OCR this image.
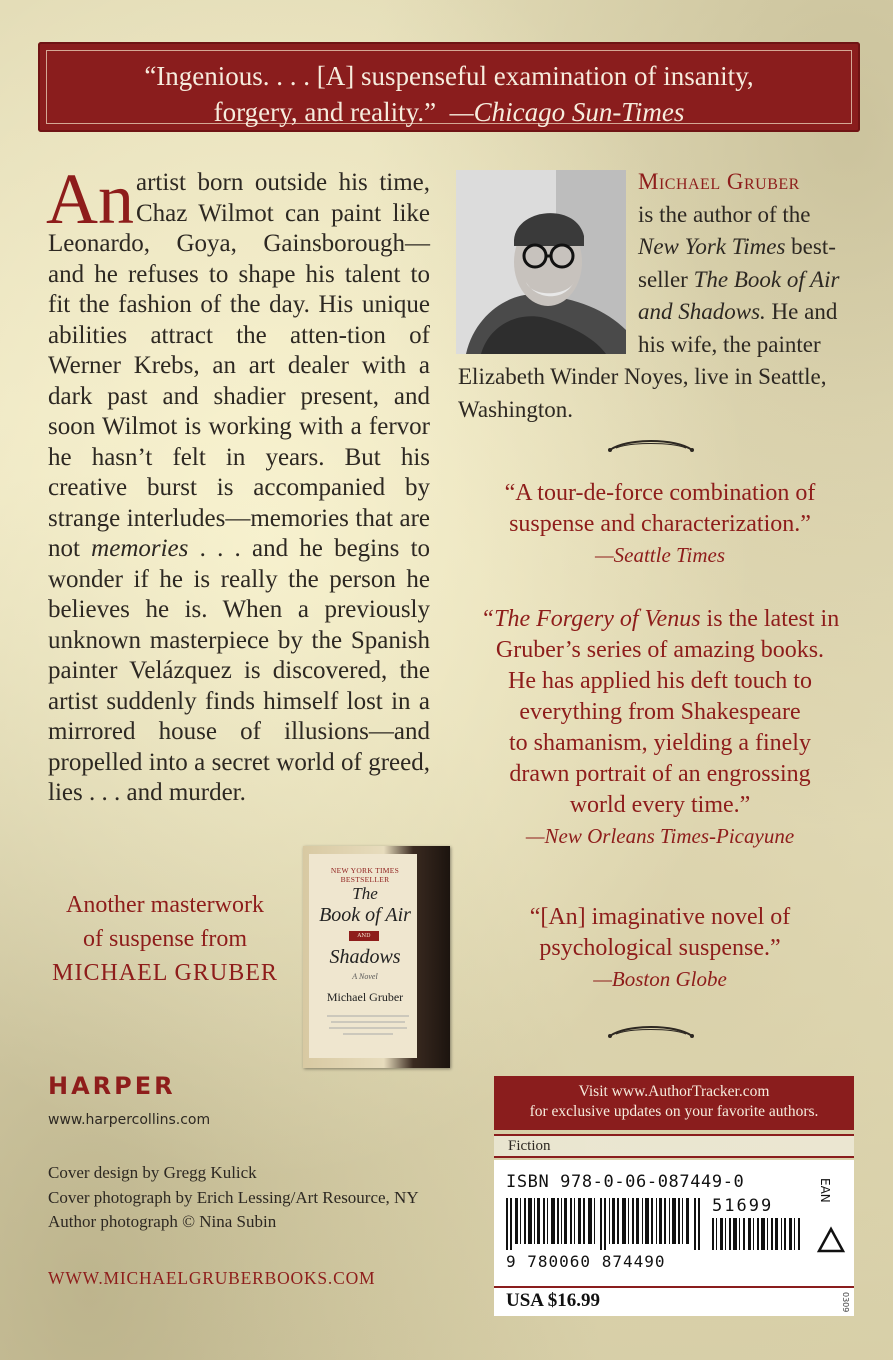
“Ingenious. . . . [A] suspenseful examination of insanity,
forgery, and reality.” —Chicago Sun-Times
An artist born outside his time, Chaz Wilmot can paint like Leonardo, Goya, Gainsborough— and he refuses to shape his talent to fit the fashion of the day. His unique abilities attract the atten-tion of Werner Krebs, an art dealer with a dark past and shadier present, and soon Wilmot is working with a fervor he hasn’t felt in years. But his creative burst is accompanied by strange interludes—memories that are not memories . . . and he begins to wonder if he is really the person he believes he is. When a previously unknown masterpiece by the Spanish painter Velázquez is discovered, the artist suddenly finds himself lost in a mirrored house of illusions—and propelled into a secret world of greed, lies . . . and murder.
Michael Gruber
is the author of the
New York Times best-
seller The Book of Air
and Shadows. He and
his wife, the painter
Elizabeth Winder Noyes, live in Seattle,
Washington.
“A tour-de-force combination of
suspense and characterization.”
—Seattle Times
“The Forgery of Venus is the latest in
Gruber’s series of amazing books.
He has applied his deft touch to
everything from Shakespeare
to shamanism, yielding a finely
drawn portrait of an engrossing
world every time.”
—New Orleans Times-Picayune
“[An] imaginative novel of
psychological suspense.”
—Boston Globe
Another masterwork
of suspense from
MICHAEL GRUBER
NEW YORK TIMES BESTSELLER
The
Book of Air
AND
Shadows
A Novel
Michael Gruber
HARPER
www.harpercollins.com
Cover design by Gregg Kulick
Cover photograph by Erich Lessing/Art Resource, NY
Author photograph © Nina Subin
WWW.MICHAELGRUBERBOOKS.COM
Visit www.AuthorTracker.com
for exclusive updates on your favorite authors.
Fiction
ISBN 978-0-06-087449-0	EAN
51699
9 780060 874490
USA $16.99	0309
